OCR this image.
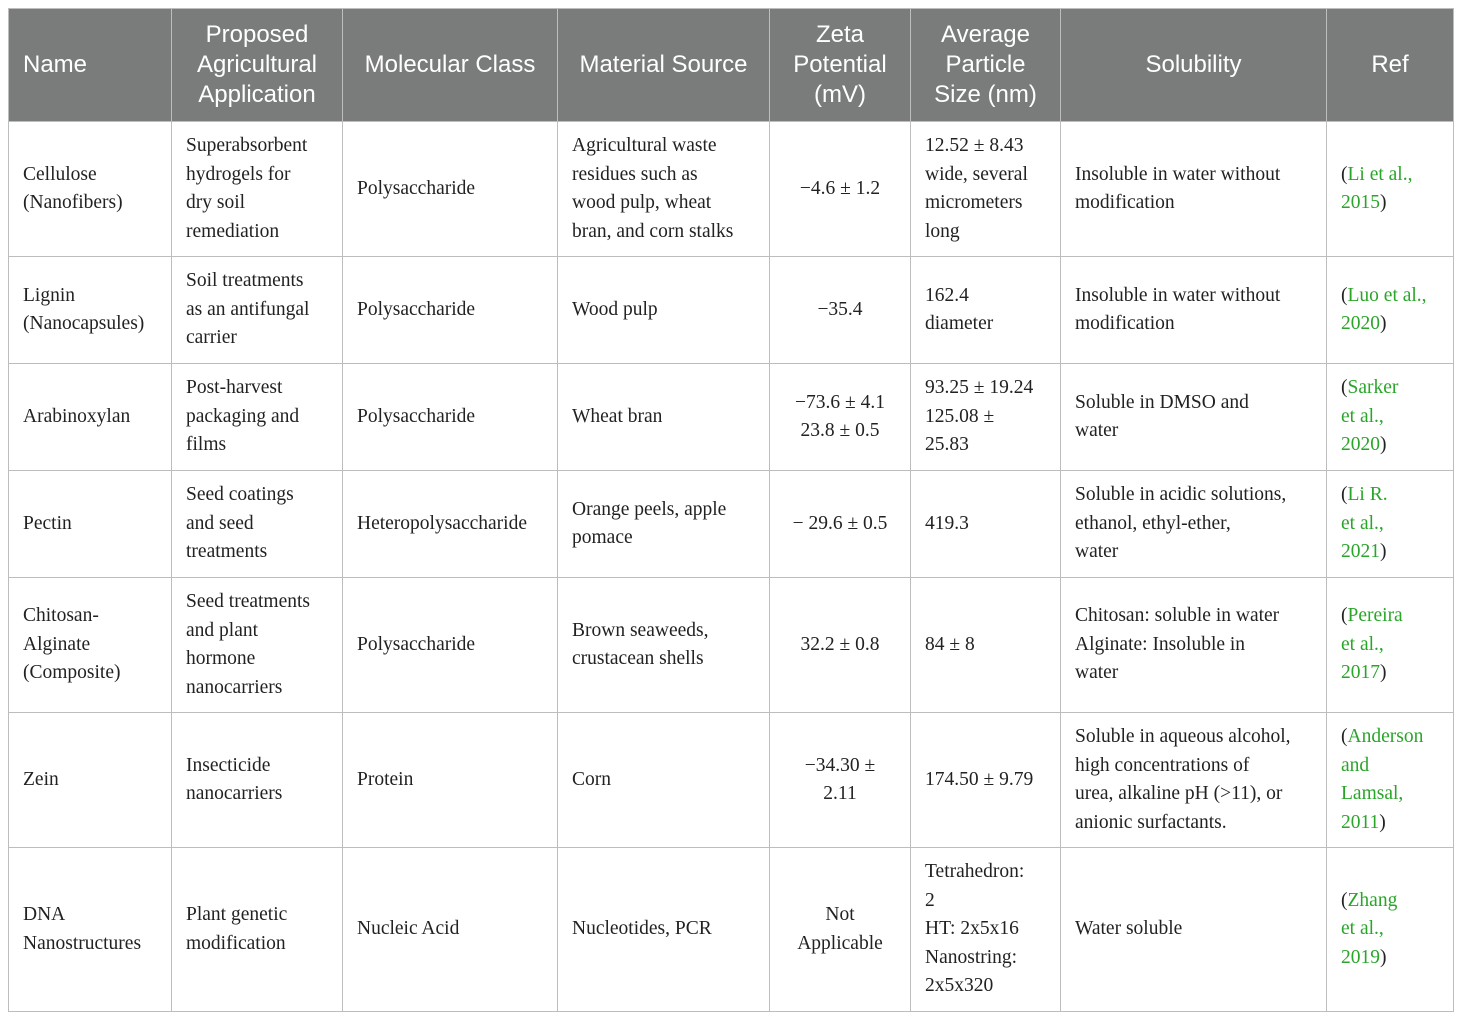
Name	Proposed
Agricultural
Application	Molecular Class	Material Source	Zeta
Potential
(mV)	Average
Particle
Size (nm)	Solubility	Ref

Cellulose
(Nanofibers)	Superabsorbent
hydrogels for
dry soil
remediation	Polysaccharide	Agricultural waste
residues such as
wood pulp, wheat
bran, and corn stalks	−4.6 ± 1.2	12.52 ± 8.43
wide, several
micrometers
long	Insoluble in water without
modification	(Li et al.,
2015)

Lignin
(Nanocapsules)	Soil treatments
as an antifungal
carrier	Polysaccharide	Wood pulp	−35.4	162.4
diameter	Insoluble in water without
modification	(Luo et al.,
2020)

Arabinoxylan	Post-harvest
packaging and
films	Polysaccharide	Wheat bran	−73.6 ± 4.1
23.8 ± 0.5	93.25 ± 19.24
125.08 ±
25.83	Soluble in DMSO and
water	(Sarker
et al.,
2020)

Pectin	Seed coatings
and seed
treatments	Heteropolysaccharide	Orange peels, apple
pomace	− 29.6 ± 0.5	419.3	Soluble in acidic solutions,
ethanol, ethyl-ether,
water	(Li R.
et al.,
2021)

Chitosan-
Alginate
(Composite)	Seed treatments
and plant
hormone
nanocarriers	Polysaccharide	Brown seaweeds,
crustacean shells	32.2 ± 0.8	84 ± 8	Chitosan: soluble in water
Alginate: Insoluble in
water	(Pereira
et al.,
2017)

Zein	Insecticide
nanocarriers	Protein	Corn	−34.30 ±
2.11	174.50 ± 9.79	Soluble in aqueous alcohol,
high concentrations of
urea, alkaline pH (>11), or
anionic surfactants.	(Anderson
and
Lamsal,
2011)

DNA
Nanostructures	Plant genetic
modification	Nucleic Acid	Nucleotides, PCR	Not
Applicable	Tetrahedron:
2
HT: 2x5x16
Nanostring:
2x5x320	Water soluble	(Zhang
et al.,
2019)
